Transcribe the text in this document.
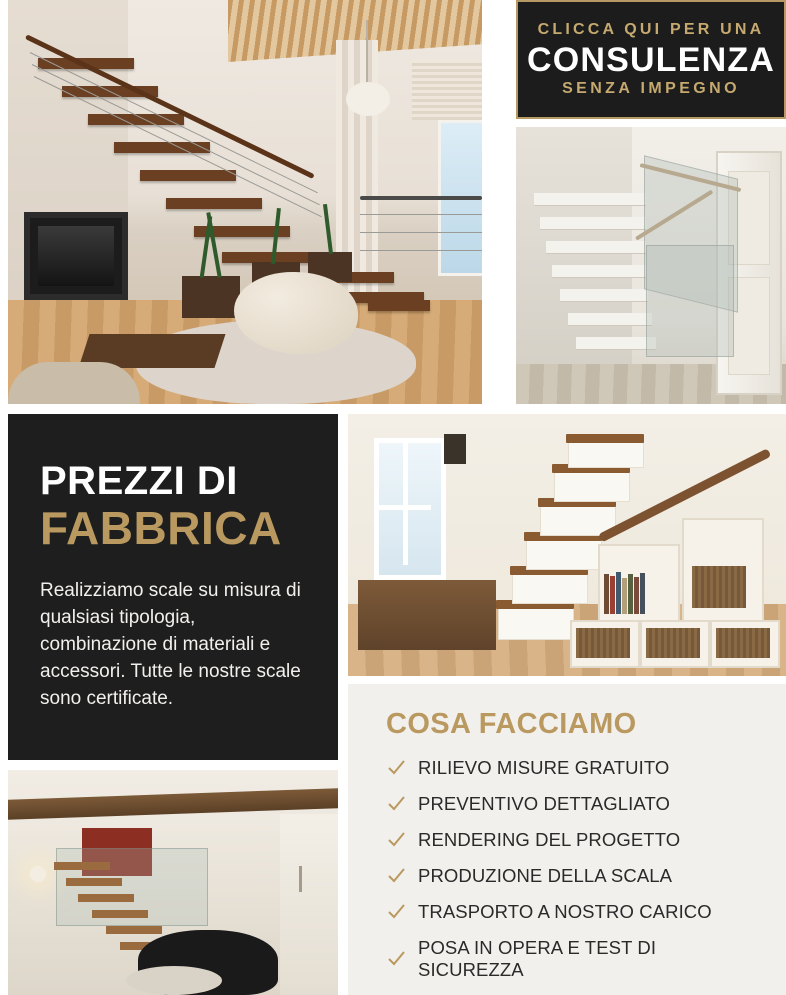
CLICCA QUI PER UNA
CONSULENZA
SENZA IMPEGNO
PREZZI DI
FABBRICA
Realizziamo scale su misura di qualsiasi tipologia, combinazione di materiali e accessori. Tutte le nostre scale sono certificate.
COSA FACCIAMO
RILIEVO MISURE GRATUITO
PREVENTIVO DETTAGLIATO
RENDERING DEL PROGETTO
PRODUZIONE DELLA SCALA
TRASPORTO A NOSTRO CARICO
POSA IN OPERA E TEST DI SICUREZZA
